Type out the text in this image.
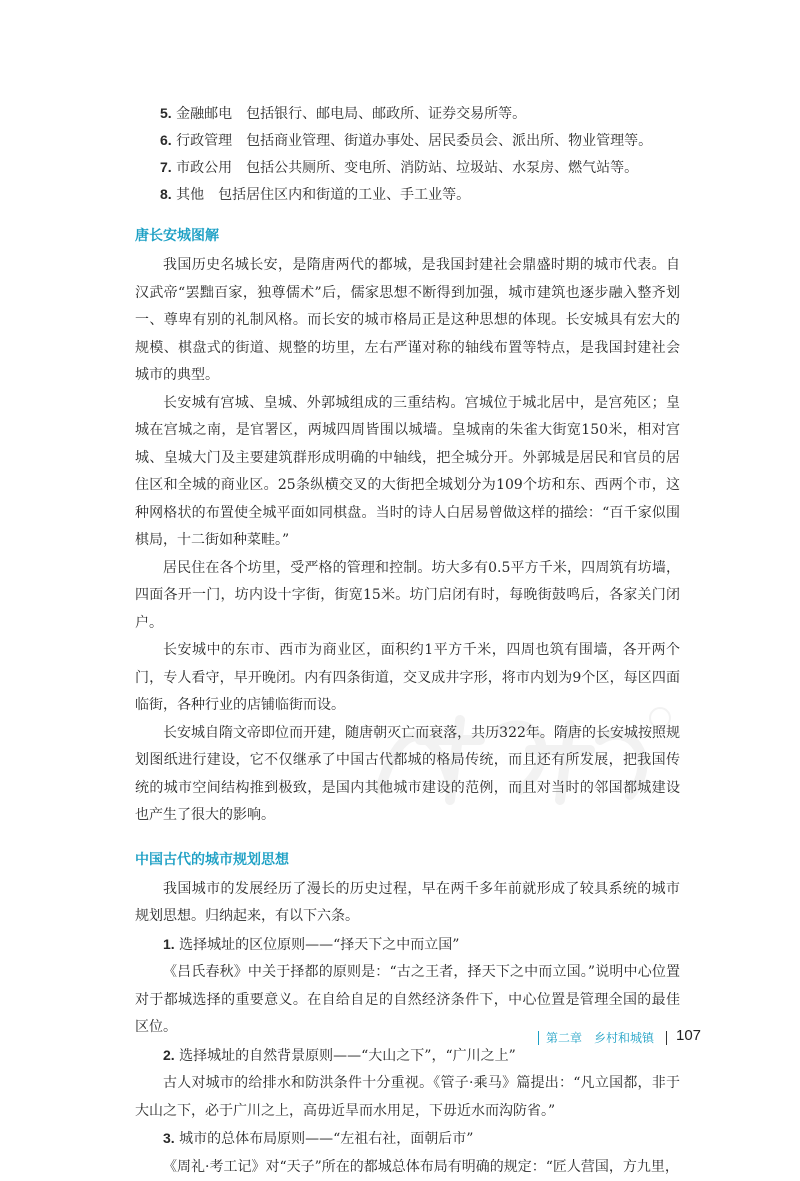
5. 金融邮电　包括银行、邮电局、邮政所、证券交易所等。
6. 行政管理　包括商业管理、街道办事处、居民委员会、派出所、物业管理等。
7. 市政公用　包括公共厕所、变电所、消防站、垃圾站、水泵房、燃气站等。
8. 其他　包括居住区内和街道的工业、手工业等。
唐长安城图解

我国历史名城长安，是隋唐两代的都城，是我国封建社会鼎盛时期的城市代表。自汉武帝“罢黜百家，独尊儒术”后，儒家思想不断得到加强，城市建筑也逐步融入整齐划一、尊卑有别的礼制风格。而长安的城市格局正是这种思想的体现。长安城具有宏大的规模、棋盘式的街道、规整的坊里，左右严谨对称的轴线布置等特点，是我国封建社会城市的典型。

长安城有宫城、皇城、外郭城组成的三重结构。宫城位于城北居中，是宫苑区；皇城在宫城之南，是官署区，两城四周皆围以城墙。皇城南的朱雀大街宽150米，相对宫城、皇城大门及主要建筑群形成明确的中轴线，把全城分开。外郭城是居民和官员的居住区和全城的商业区。25条纵横交叉的大街把全城划分为109个坊和东、西两个市，这种网格状的布置使全城平面如同棋盘。当时的诗人白居易曾做这样的描绘：“百千家似围棋局，十二街如种菜畦。”

居民住在各个坊里，受严格的管理和控制。坊大多有0.5平方千米，四周筑有坊墙，四面各开一门，坊内设十字街，街宽15米。坊门启闭有时，每晚街鼓鸣后，各家关门闭户。

长安城中的东市、西市为商业区，面积约1平方千米，四周也筑有围墙，各开两个门，专人看守，早开晚闭。内有四条街道，交叉成井字形，将市内划为9个区，每区四面临街，各种行业的店铺临街而设。

长安城自隋文帝即位而开建，随唐朝灭亡而衰落，共历322年。隋唐的长安城按照规划图纸进行建设，它不仅继承了中国古代都城的格局传统，而且还有所发展，把我国传统的城市空间结构推到极致，是国内其他城市建设的范例，而且对当时的邻国都城建设也产生了很大的影响。

中国古代的城市规划思想

我国城市的发展经历了漫长的历史过程，早在两千多年前就形成了较具系统的城市规划思想。归纳起来，有以下六条。

1. 选择城址的区位原则——“择天下之中而立国”

《吕氏春秋》中关于择都的原则是：“古之王者，择天下之中而立国。”说明中心位置对于都城选择的重要意义。在自给自足的自然经济条件下，中心位置是管理全国的最佳区位。

2. 选择城址的自然背景原则——“大山之下”，“广川之上”

古人对城市的给排水和防洪条件十分重视。《管子·乘马》篇提出：“凡立国都，非于大山之下，必于广川之上，高毋近旱而水用足，下毋近水而沟防省。”

3. 城市的总体布局原则——“左祖右社，面朝后市”

《周礼·考工记》对“天子”所在的都城总体布局有明确的规定：“匠人营国，方九里，

第二章　乡村和城镇 107
